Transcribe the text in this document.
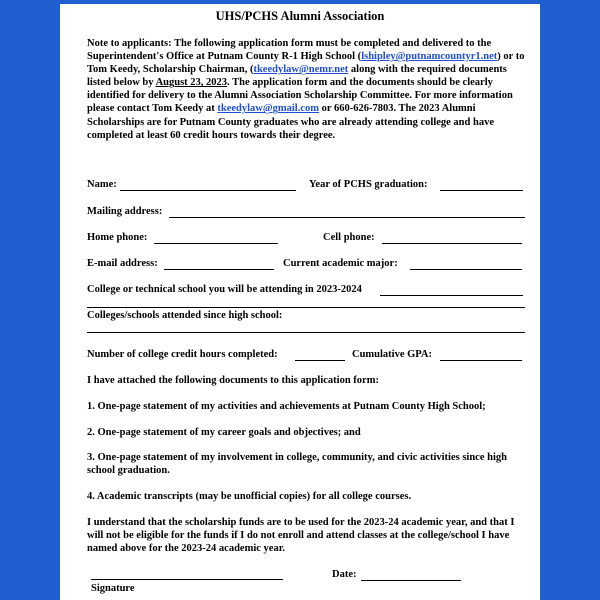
UHS/PCHS Alumni Association
Note to applicants: The following application form must be completed and delivered to the Superintendent's Office at Putnam County R-1 High School (lshipley@putnamcountyr1.net) or to Tom Keedy, Scholarship Chairman, (tkeedylaw@nemr.net along with the required documents listed below by August 23, 2023. The application form and the documents should be clearly identified for delivery to the Alumni Association Scholarship Committee. For more information please contact Tom Keedy at tkeedylaw@gmail.com or 660-626-7803. The 2023 Alumni Scholarships are for Putnam County graduates who are already attending college and have completed at least 60 credit hours towards their degree.
Name:	Year of PCHS graduation:
Mailing address:
Home phone:	Cell phone:
E-mail address:	Current academic major:
College or technical school you will be attending in 2023-2024
Colleges/schools attended since high school:
Number of college credit hours completed:	Cumulative GPA:
I have attached the following documents to this application form:
1. One-page statement of my activities and achievements at Putnam County High School;
2. One-page statement of my career goals and objectives; and
3. One-page statement of my involvement in college, community, and civic activities since high school graduation.
4. Academic transcripts (may be unofficial copies) for all college courses.
I understand that the scholarship funds are to be used for the 2023-24 academic year, and that I will not be eligible for the funds if I do not enroll and attend classes at the college/school I have named above for the 2023-24 academic year.
Signature
Date:
